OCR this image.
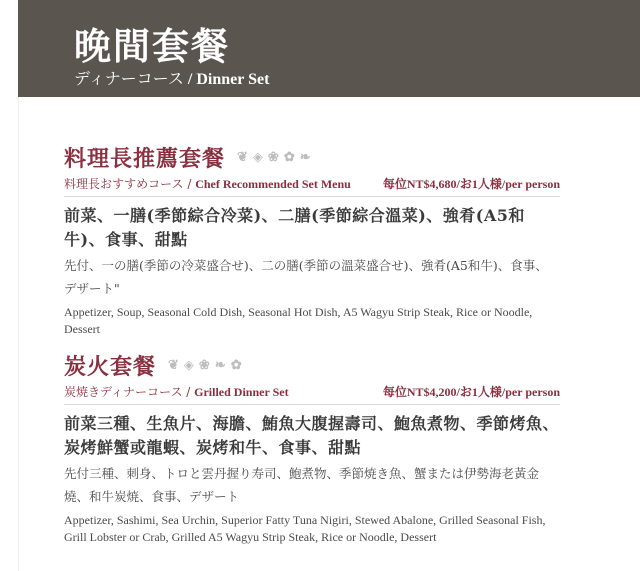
晚間套餐
ディナーコース / Dinner Set
料理長推薦套餐 ❦ ◈ ❀ ✿ ❧
料理長おすすめコース / Chef Recommended Set Menu	每位NT$4,680/お1人様/per person
前菜、一膳(季節綜合冷菜)、二膳(季節綜合溫菜)、強肴(A5和牛)、食事、甜點
先付、一の膳(季節の冷菜盛合せ)、二の膳(季節の溫菜盛合せ)、強肴(A5和牛)、食事、デザート"
Appetizer, Soup, Seasonal Cold Dish, Seasonal Hot Dish, A5 Wagyu Strip Steak, Rice or Noodle, Dessert
炭火套餐 ❦ ◈ ❀ ❧ ✿
炭焼きディナーコース / Grilled Dinner Set	每位NT$4,200/お1人様/per person
前菜三種、生魚片、海膽、鮪魚大腹握壽司、鮑魚煮物、季節烤魚、炭烤鮮蟹或龍蝦、炭烤和牛、食事、甜點
先付三種、刺身、トロと雲丹握り寿司、鮑煮物、季節焼き魚、蟹または伊勢海老黃金燒、和牛炭焼、食事、デザート
Appetizer, Sashimi, Sea Urchin, Superior Fatty Tuna Nigiri, Stewed Abalone, Grilled Seasonal Fish, Grill Lobster or Crab, Grilled A5 Wagyu Strip Steak, Rice or Noodle, Dessert
